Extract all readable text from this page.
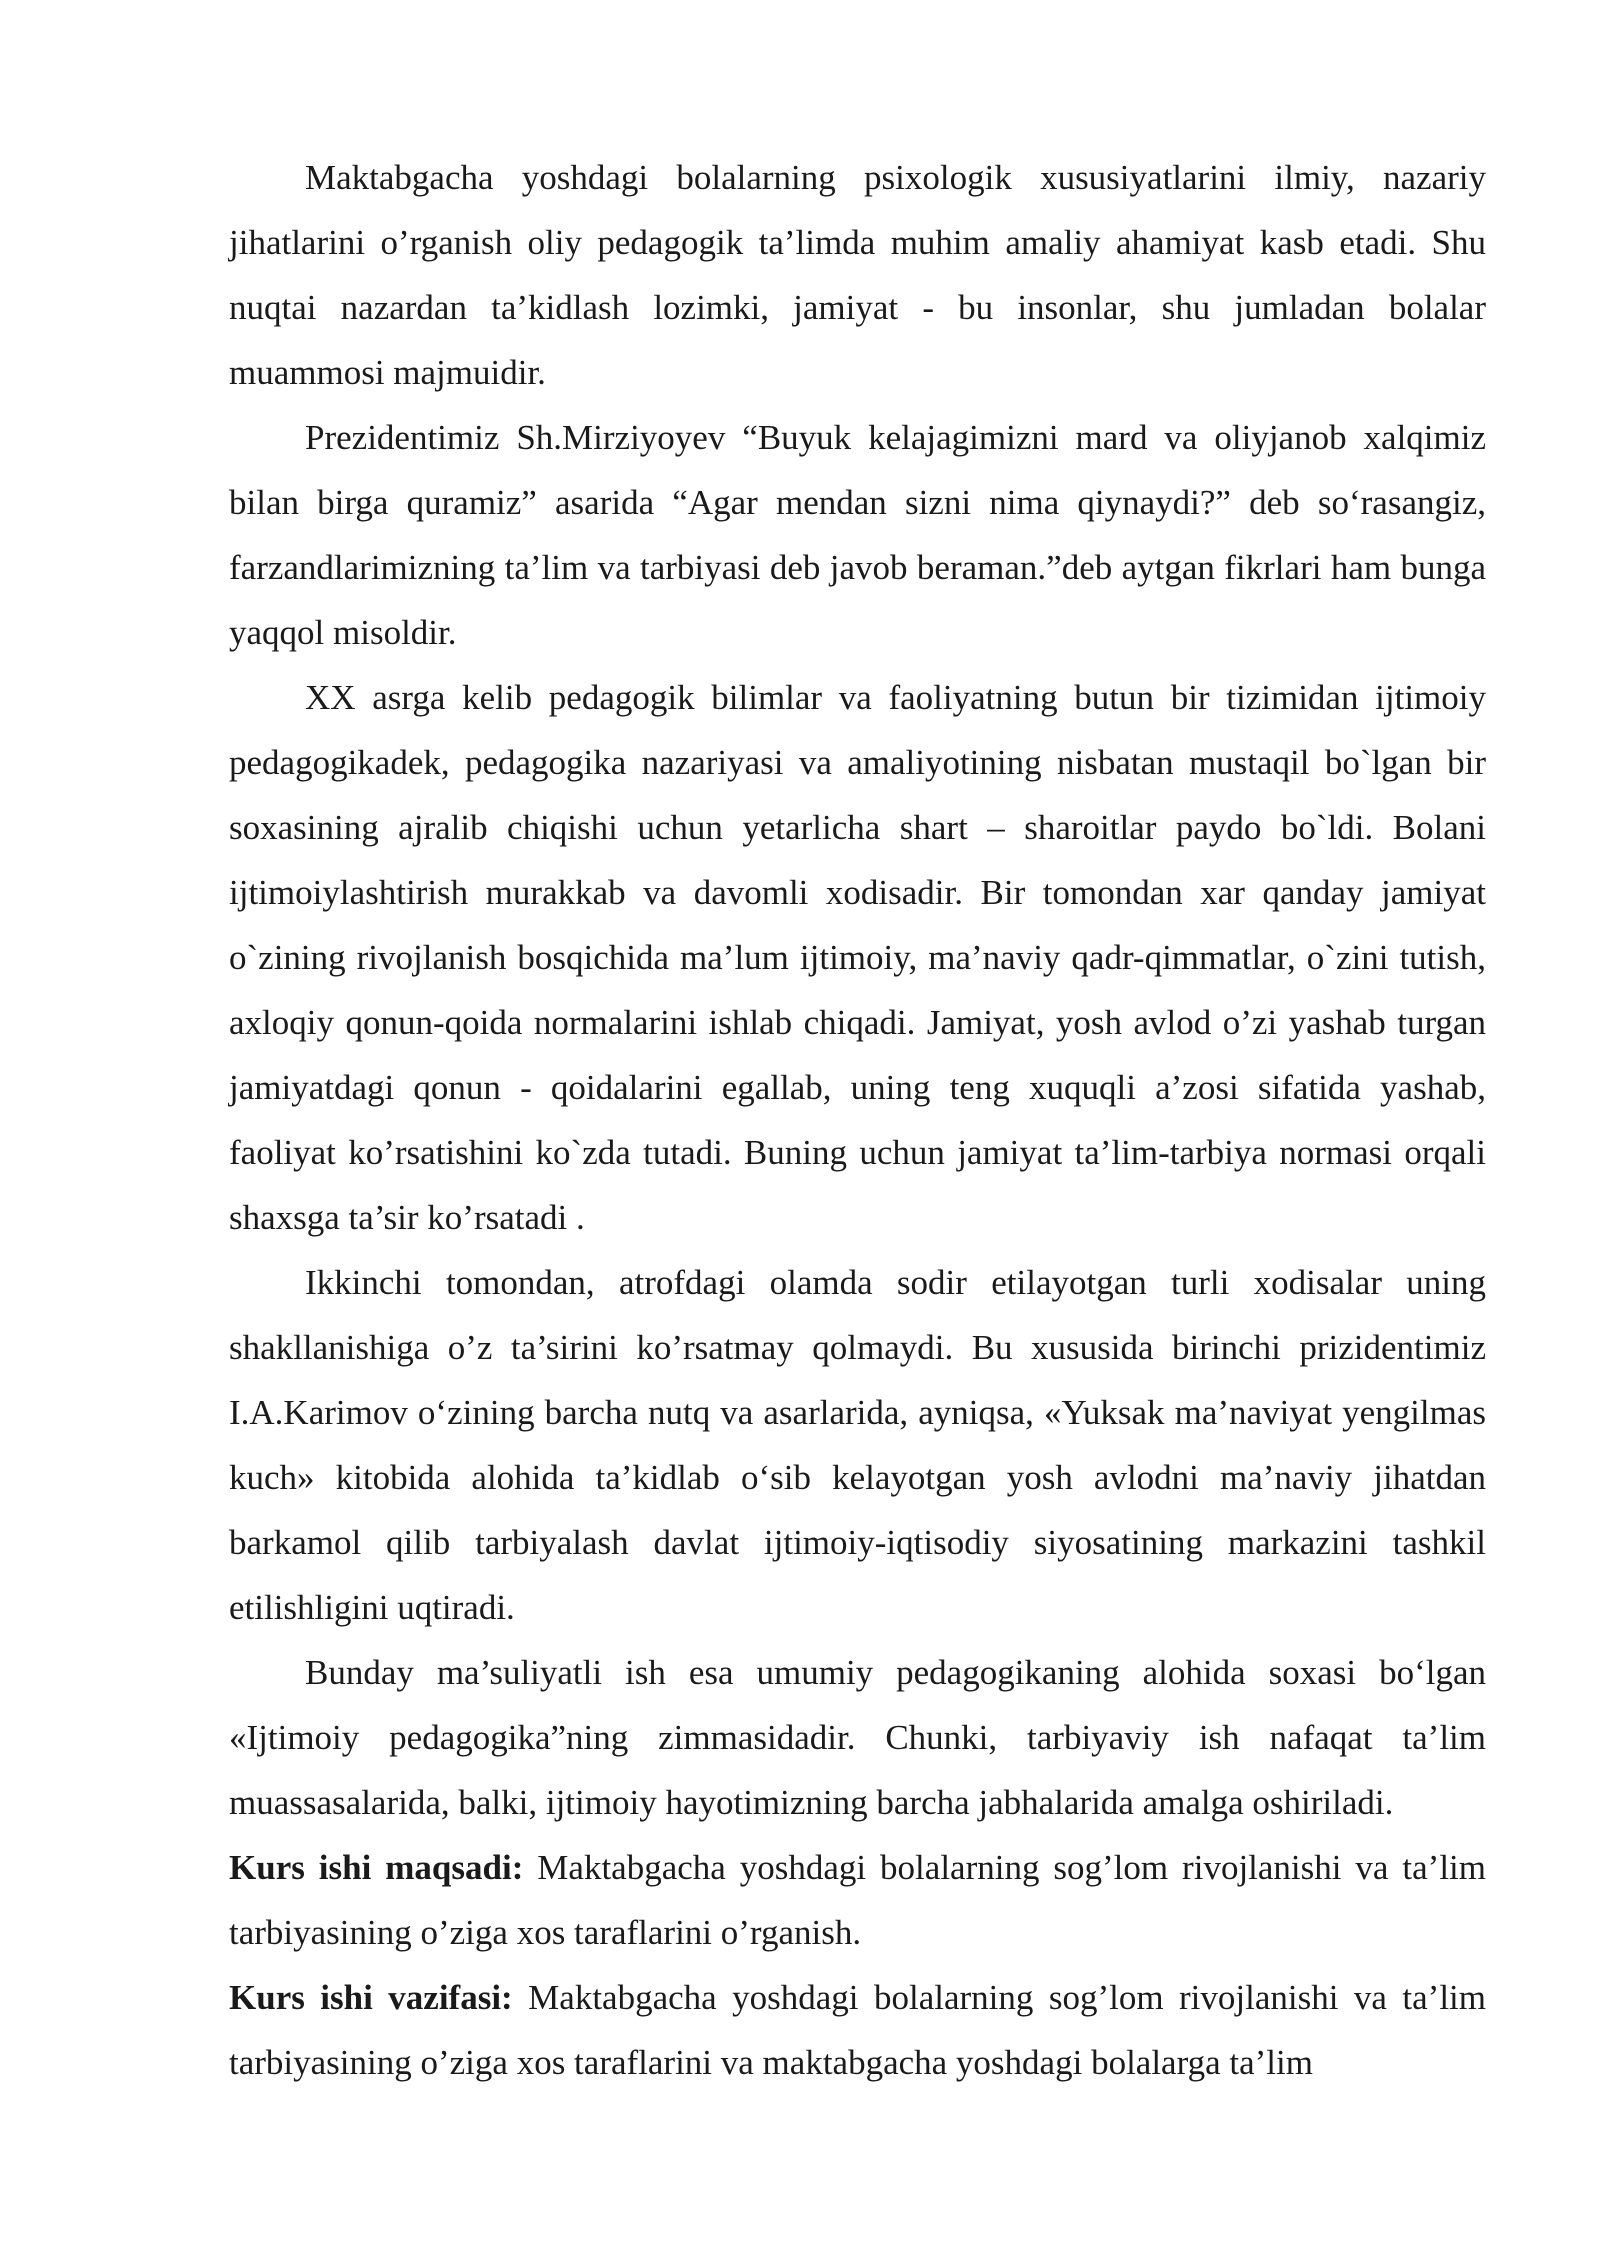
Maktabgacha yoshdagi bolalarning psixologik xususiyatlarini ilmiy, nazariy jihatlarini o’rganish oliy pedagogik ta’limda muhim amaliy ahamiyat kasb etadi. Shu nuqtai nazardan ta’kidlash lozimki, jamiyat - bu insonlar, shu jumladan bolalar muammosi majmuidir.

Prezidentimiz Sh.Mirziyoyev “Buyuk kelajagimizni mard va oliyjanob xalqimiz bilan birga quramiz” asarida “Agar mendan sizni nima qiynaydi?” deb so‘rasangiz, farzandlarimizning ta’lim va tarbiyasi deb javob beraman.”deb aytgan fikrlari ham bunga yaqqol misoldir.

XX asrga kelib pedagogik bilimlar va faoliyatning butun bir tizimidan ijtimoiy pedagogikadek, pedagogika nazariyasi va amaliyotining nisbatan mustaqil bo`lgan bir soxasining ajralib chiqishi uchun yetarlicha shart – sharoitlar paydo bo`ldi. Bolani ijtimoiylashtirish murakkab va davomli xodisadir. Bir tomondan xar qanday jamiyat o`zining rivojlanish bosqichida ma’lum ijtimoiy, ma’naviy qadr-qimmatlar, o`zini tutish, axloqiy qonun-qoida normalarini ishlab chiqadi. Jamiyat, yosh avlod o’zi yashab turgan jamiyatdagi qonun - qoidalarini egallab, uning teng xuquqli a’zosi sifatida yashab, faoliyat ko’rsatishini ko`zda tutadi. Buning uchun jamiyat ta’lim-tarbiya normasi orqali shaxsga ta’sir ko’rsatadi .

Ikkinchi tomondan, atrofdagi olamda sodir etilayotgan turli xodisalar uning shakllanishiga o’z ta’sirini ko’rsatmay qolmaydi. Bu xususida birinchi prizidentimiz I.A.Karimov o‘zining barcha nutq va asarlarida, ayniqsa, «Yuksak ma’naviyat yengilmas kuch» kitobida alohida ta’kidlab o‘sib kelayotgan yosh avlodni ma’naviy jihatdan barkamol qilib tarbiyalash davlat ijtimoiy-iqtisodiy siyosatining markazini tashkil etilishligini uqtiradi.

Bunday ma’suliyatli ish esa umumiy pedagogikaning alohida soxasi bo‘lgan «Ijtimoiy pedagogika”ning zimmasidadir. Chunki, tarbiyaviy ish nafaqat ta’lim muassasalarida, balki, ijtimoiy hayotimizning barcha jabhalarida amalga oshiriladi.

Kurs ishi maqsadi: Maktabgacha yoshdagi bolalarning sog’lom rivojlanishi va ta’lim tarbiyasining o’ziga xos taraflarini o’rganish.

Kurs ishi vazifasi: Maktabgacha yoshdagi bolalarning sog’lom rivojlanishi va ta’lim tarbiyasining o’ziga xos taraflarini va maktabgacha yoshdagi bolalarga ta’lim
